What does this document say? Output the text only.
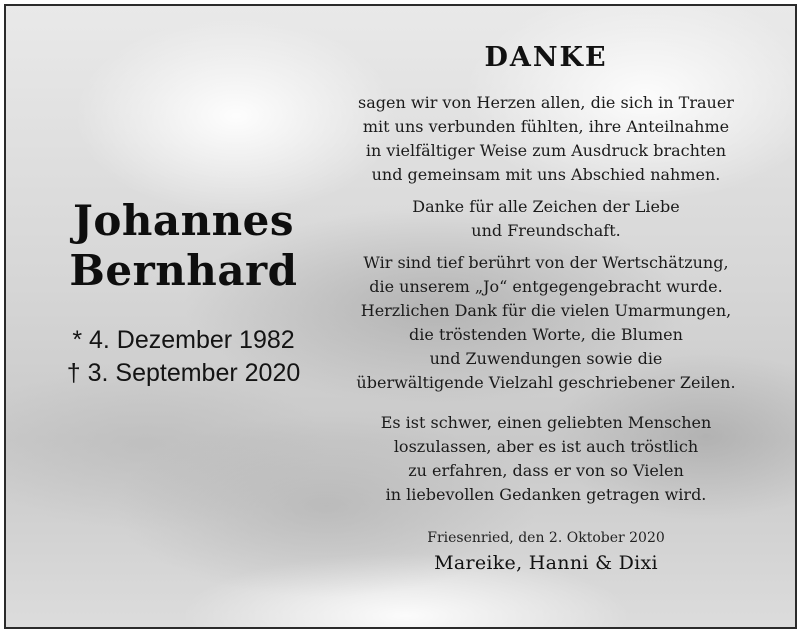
Johannes
Bernhard
* 4. Dezember 1982
† 3. September 2020
DANKE
sagen wir von Herzen allen, die sich in Trauer
mit uns verbunden fühlten, ihre Anteilnahme
in vielfältiger Weise zum Ausdruck brachten
und gemeinsam mit uns Abschied nahmen.
Danke für alle Zeichen der Liebe
und Freundschaft.
Wir sind tief berührt von der Wertschätzung,
die unserem „Jo“ entgegengebracht wurde.
Herzlichen Dank für die vielen Umarmungen,
die tröstenden Worte, die Blumen
und Zuwendungen sowie die
überwältigende Vielzahl geschriebener Zeilen.
Es ist schwer, einen geliebten Menschen
loszulassen, aber es ist auch tröstlich
zu erfahren, dass er von so Vielen
in liebevollen Gedanken getragen wird.
Friesenried, den 2. Oktober 2020
Mareike, Hanni & Dixi
